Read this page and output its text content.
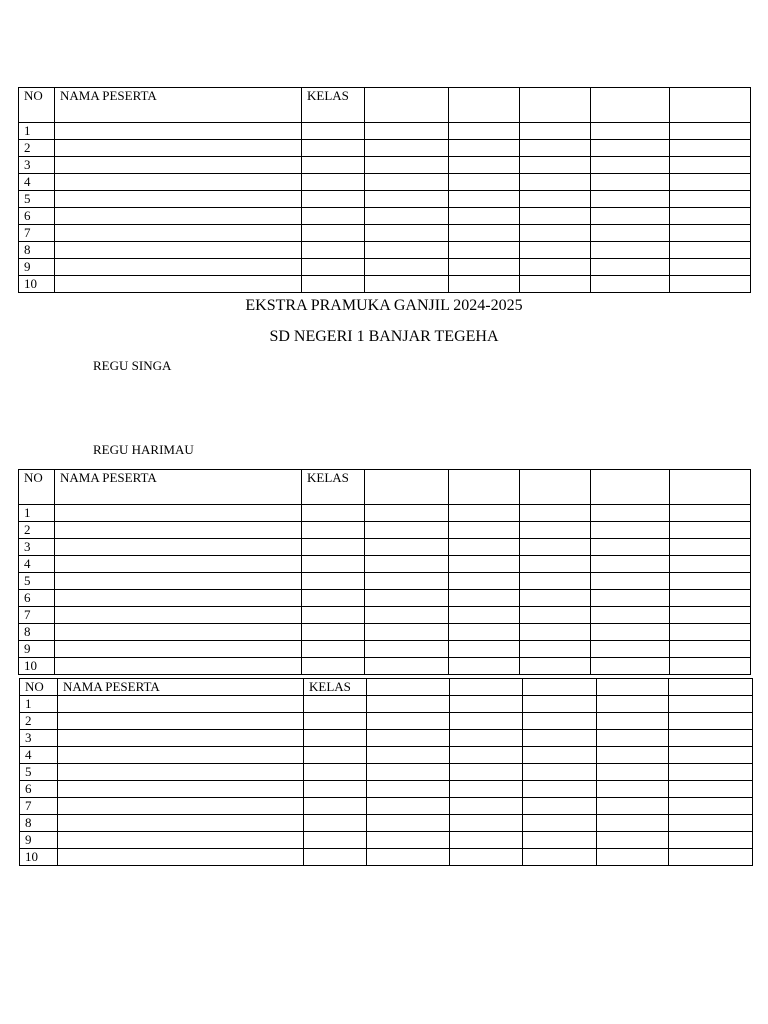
NO	NAMA PESERTA	KELAS					
1							
2							
3							
4							
5							
6							
7							
8							
9							
10							
EKSTRA PRAMUKA GANJIL 2024-2025
SD NEGERI 1 BANJAR TEGEHA
REGU SINGA
REGU HARIMAU
NO	NAMA PESERTA	KELAS					
1							
2							
3							
4							
5							
6							
7							
8							
9							
10							
NO	NAMA PESERTA	KELAS					
1							
2							
3							
4							
5							
6							
7							
8							
9							
10							
